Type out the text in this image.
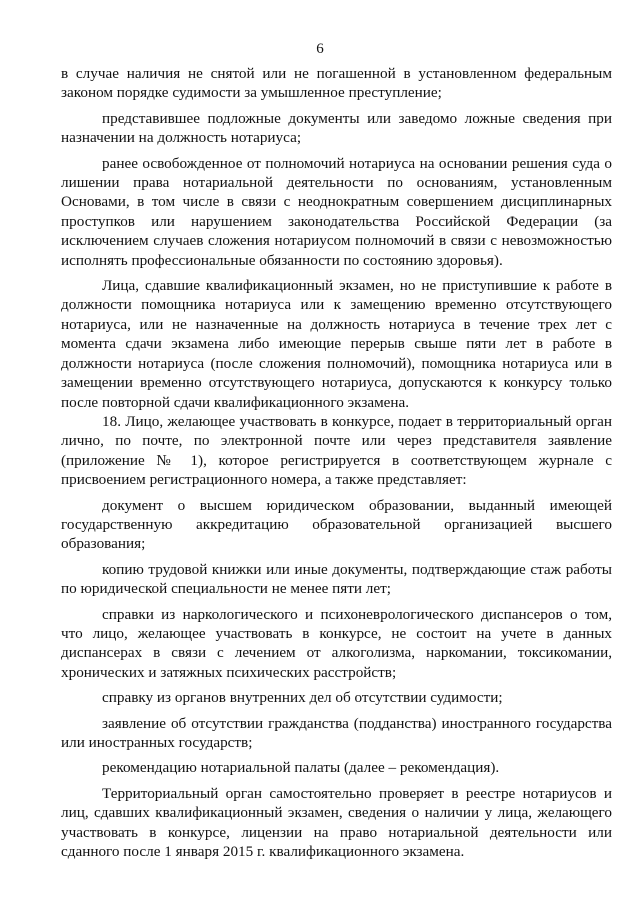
6

в случае наличия не снятой или не погашенной в установленном федеральным законом порядке судимости за умышленное преступление;

представившее подложные документы или заведомо ложные сведения при назначении на должность нотариуса;

ранее освобожденное от полномочий нотариуса на основании решения суда о лишении права нотариальной деятельности по основаниям, установленным Основами, в том числе в связи с неоднократным совершением дисциплинарных проступков или нарушением законодательства Российской Федерации (за исключением случаев сложения нотариусом полномочий в связи с невозможностью исполнять профессиональные обязанности по состоянию здоровья).

Лица, сдавшие квалификационный экзамен, но не приступившие к работе в должности помощника нотариуса или к замещению временно отсутствующего нотариуса, или не назначенные на должность нотариуса в течение трех лет с момента сдачи экзамена либо имеющие перерыв свыше пяти лет в работе в должности нотариуса (после сложения полномочий), помощника нотариуса или в замещении временно отсутствующего нотариуса, допускаются к конкурсу только после повторной сдачи квалификационного экзамена.

18. Лицо, желающее участвовать в конкурсе, подает в территориальный орган лично, по почте, по электронной почте или через представителя заявление (приложение № 1), которое регистрируется в соответствующем журнале с присвоением регистрационного номера, а также представляет:

документ о высшем юридическом образовании, выданный имеющей государственную аккредитацию образовательной организацией высшего образования;

копию трудовой книжки или иные документы, подтверждающие стаж работы по юридической специальности не менее пяти лет;

справки из наркологического и психоневрологического диспансеров о том, что лицо, желающее участвовать в конкурсе, не состоит на учете в данных диспансерах в связи с лечением от алкоголизма, наркомании, токсикомании, хронических и затяжных психических расстройств;

справку из органов внутренних дел об отсутствии судимости;

заявление об отсутствии гражданства (подданства) иностранного государства или иностранных государств;

рекомендацию нотариальной палаты (далее – рекомендация).

Территориальный орган самостоятельно проверяет в реестре нотариусов и лиц, сдавших квалификационный экзамен, сведения о наличии у лица, желающего участвовать в конкурсе, лицензии на право нотариальной деятельности или сданного после 1 января 2015 г. квалификационного экзамена.
